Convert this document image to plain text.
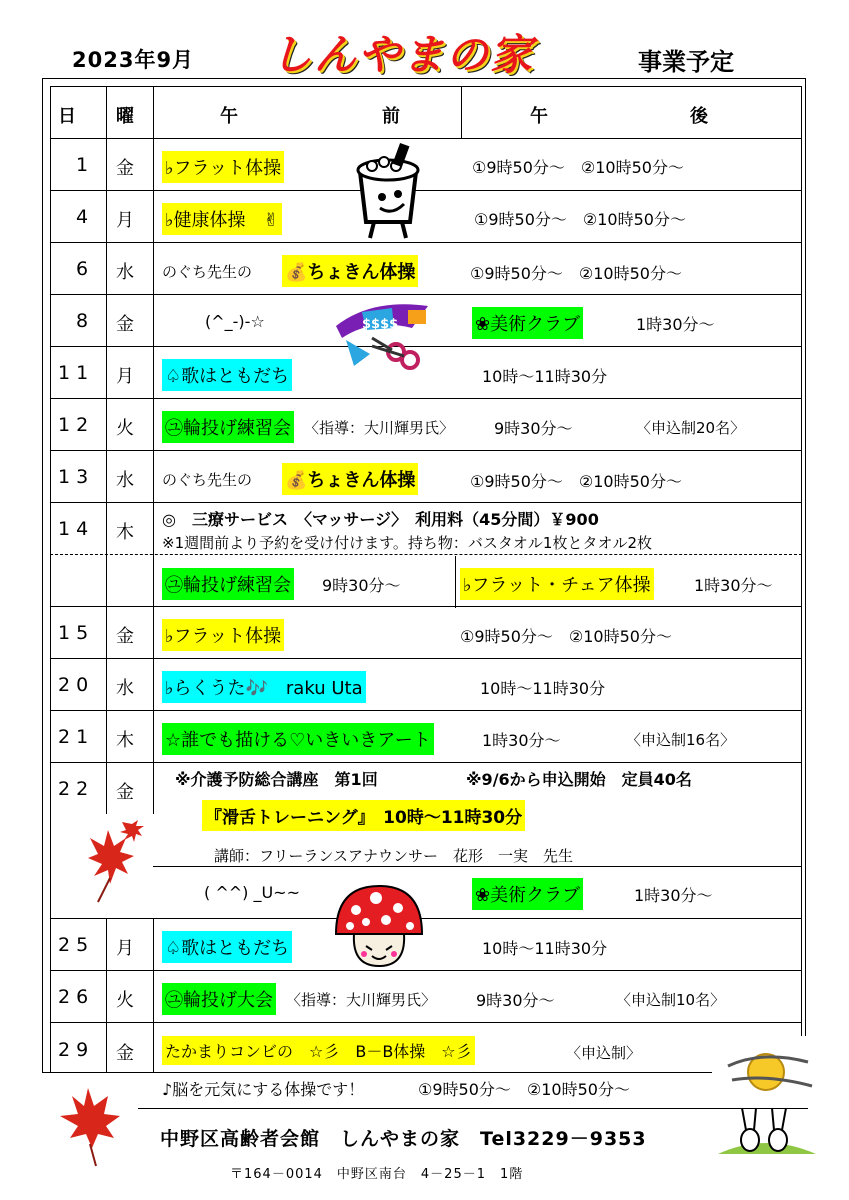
2023年9月 しんやまの家	事業予定
日 曜	午	前	午	後
1 金 ♭フラット体操	①9時50分～　②10時50分～
4 月 ♭健康体操　✌	①9時50分～　②10時50分～
6 水 のぐち先生の 💰ちょきん体操	①9時50分～　②10時50分～
8 金	(^_-)-☆	❀美術クラブ	1時30分～
11 月 ♤歌はともだち	10時～11時30分
12 火 ㋴輪投げ練習会 〈指導：大川輝男氏〉 9時30分～	〈申込制20名〉
13 水 のぐち先生の 💰ちょきん体操	①9時50分～　②10時50分～
14 木
◎　三療サービス　〈マッサージ〉　利用料（45分間）￥900
※1週間前より予約を受け付けます。持ち物：バスタオル1枚とタオル2枚
㋴輪投げ練習会 9時30分～	♭フラット・チェア体操	1時30分～
15 金 ♭フラット体操	①9時50分～　②10時50分～
20 水 ♭らくうた🎶　raku Uta	10時～11時30分
21 木 ☆誰でも描ける♡いきいきアート	1時30分～	〈申込制16名〉
22 金
※介護予防総合講座　第1回	※9/6から申込開始　定員40名
『滑舌トレーニング』　10時～11時30分
講師：フリーランスアナウンサー　花形　一実　先生
( ^^) _U~~	❀美術クラブ	1時30分～
25 月 ♤歌はともだち	10時～11時30分
26 火 ㋴輪投げ大会 〈指導：大川輝男氏〉 9時30分～	〈申込制10名〉
29 金 たかまりコンビの　☆彡　B－B体操　☆彡	〈申込制〉
♪脳を元気にする体操です！	①9時50分～　②10時50分～
$$$$
中野区高齢者会館　しんやまの家　Tel3229－9353
〒164－0014　中野区南台　4－25－1　1階
